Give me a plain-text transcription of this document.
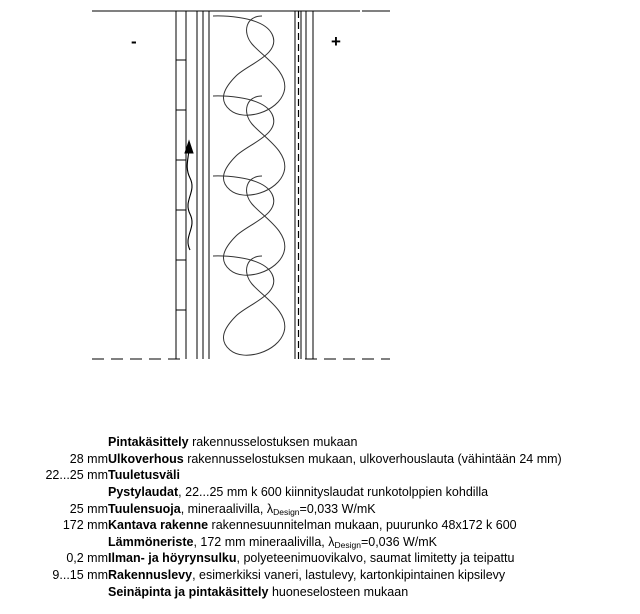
-	+
	Pintakäsittely rakennusselostuksen mukaan
28 mm	Ulkoverhous rakennusselostuksen mukaan, ulkoverhouslauta (vähintään 24 mm)
22...25 mm	Tuuletusväli
	Pystylaudat, 22...25 mm k 600 kiinnityslaudat runkotolppien kohdilla
25 mm	Tuulensuoja, mineraalivilla, $\lambda_{Design}=0,033$ W/mK
172 mm	Kantava rakenne rakennesuunnitelman mukaan, puurunko 48x172 k 600
	Lämmöneriste, 172 mm mineraalivilla, $\lambda_{Design}=0,036$ W/mK
0,2 mm	Ilman- ja höyrynsulku, polyeteenimuovikalvo, saumat limitetty ja teipattu
9...15 mm	Rakennuslevy, esimerkiksi vaneri, lastulevy, kartonkipintainen kipsilevy
	Seinäpinta ja pintakäsittely huoneselosteen mukaan
